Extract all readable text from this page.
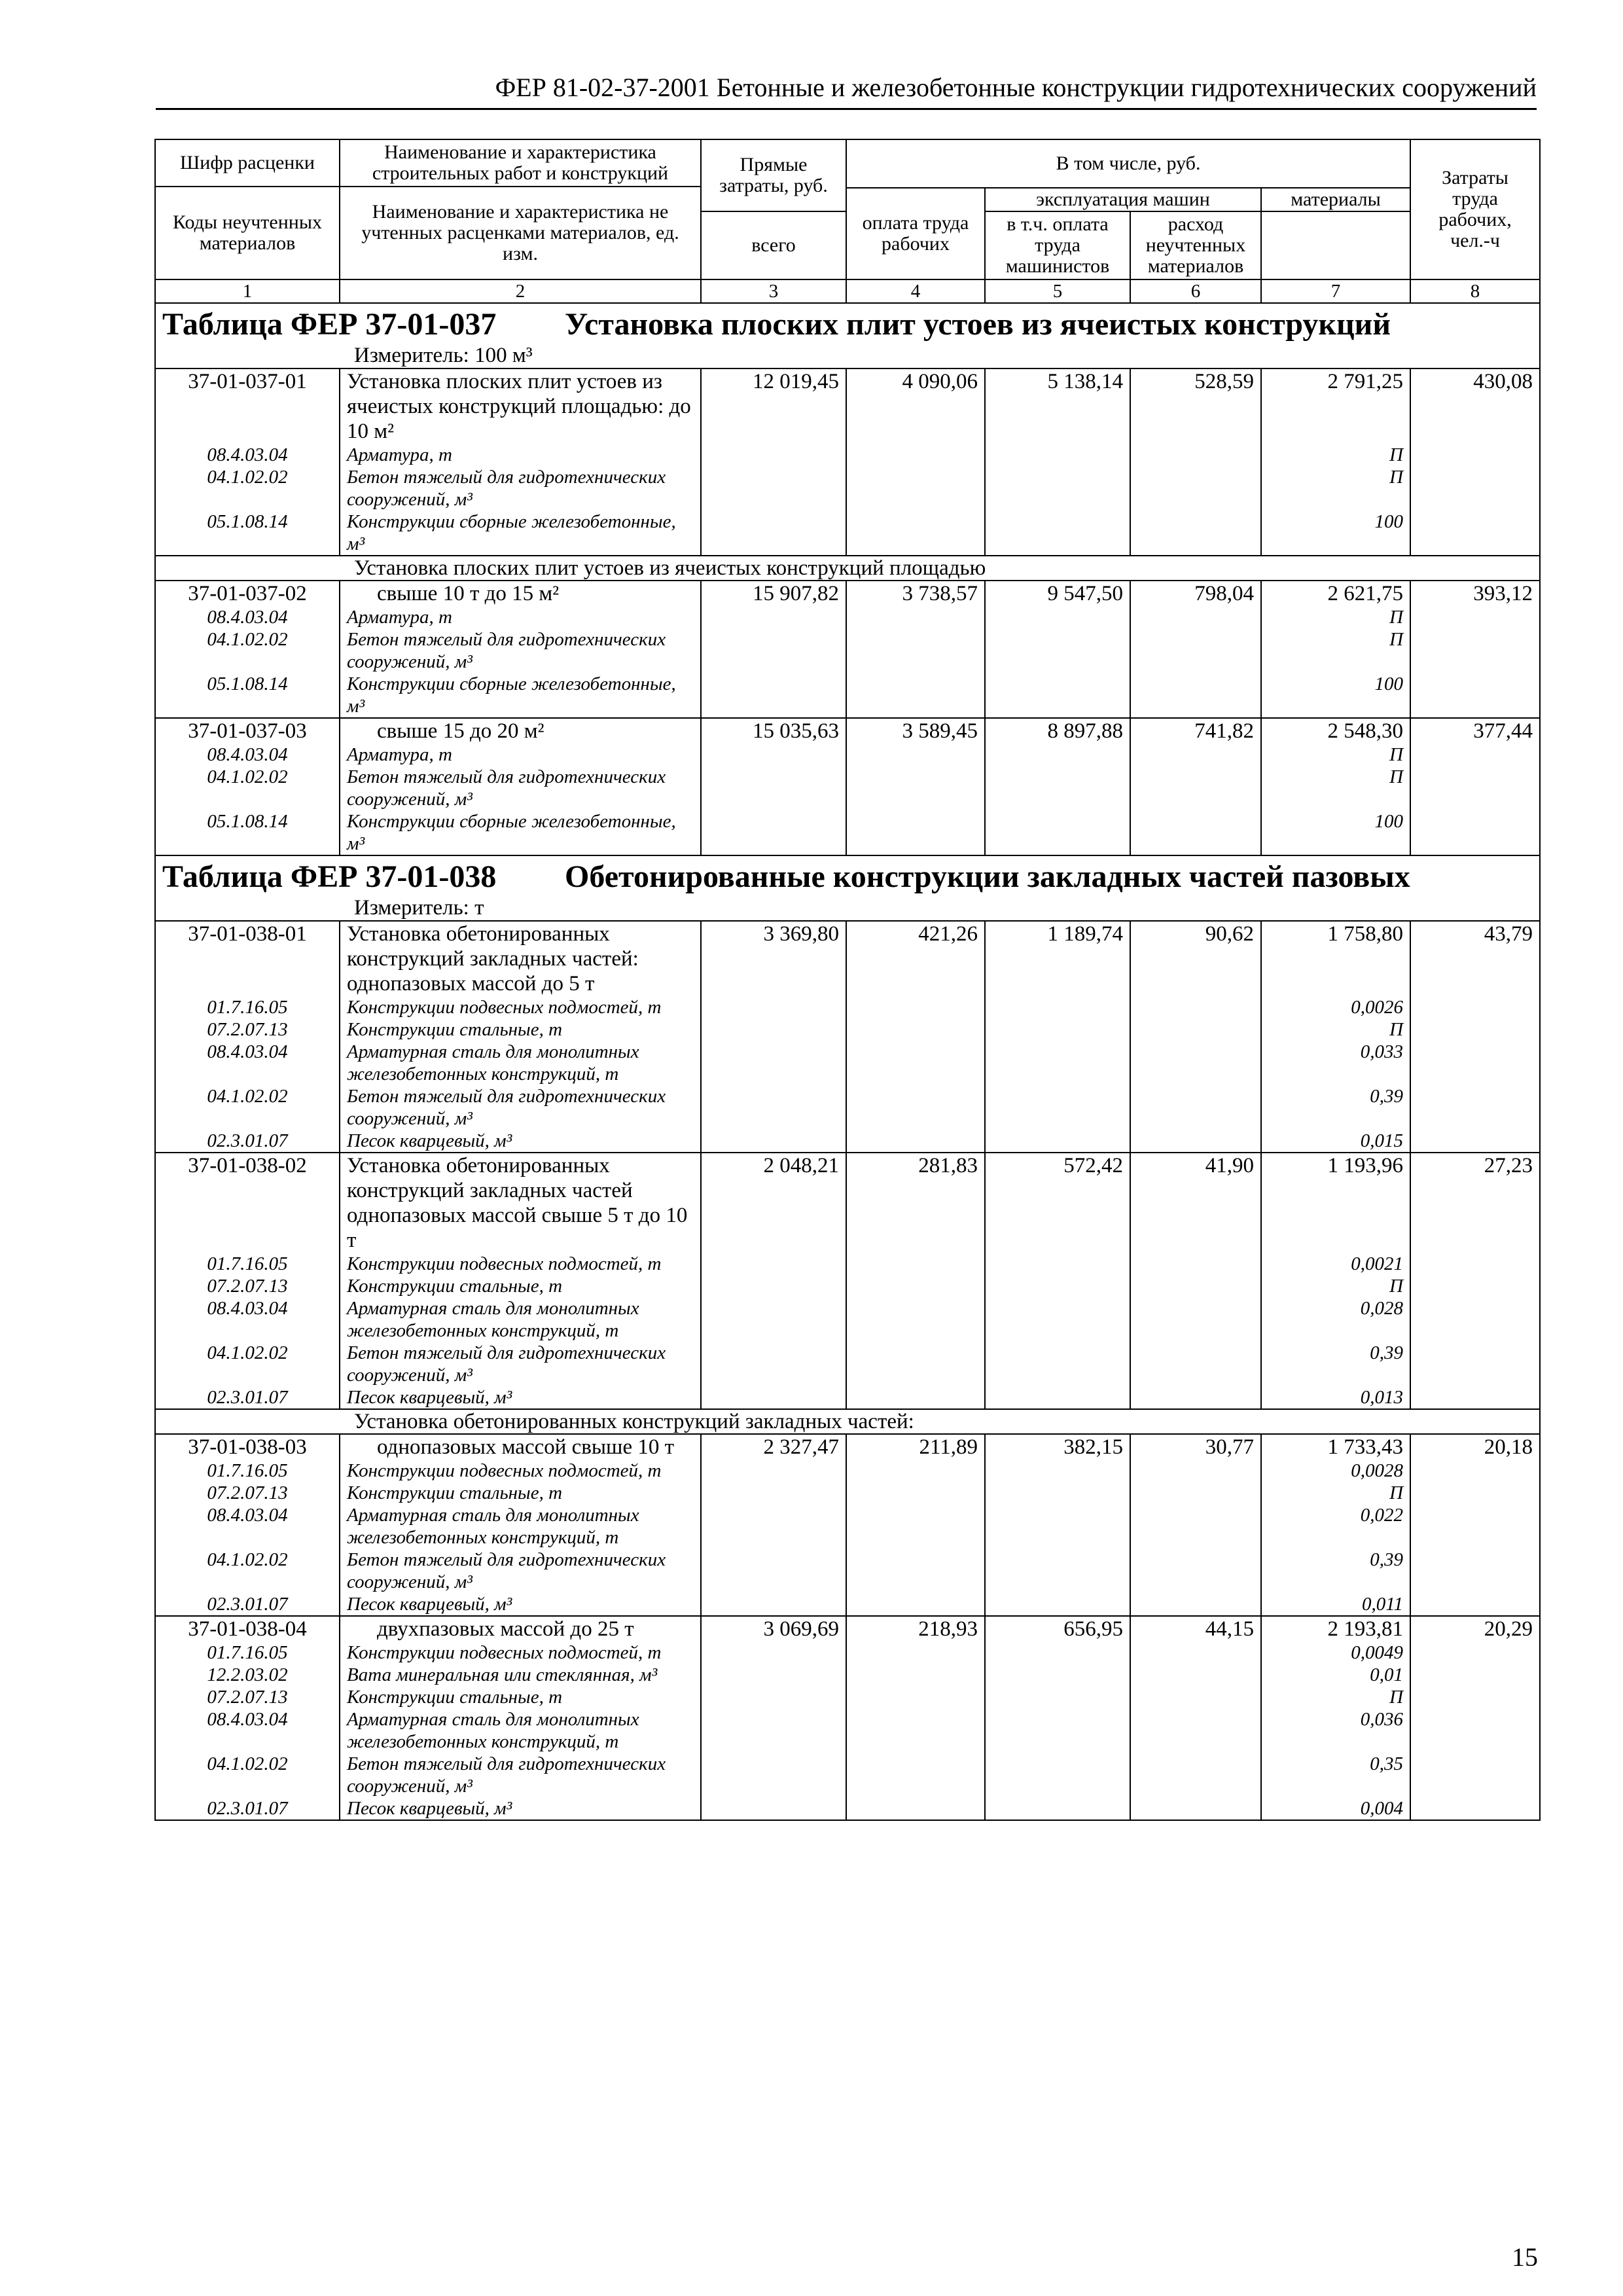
ФЕР 81-02-37-2001 Бетонные и железобетонные конструкции гидротехнических сооружений
Шифр расценки	Наименование и характеристика строительных работ и конструкций	Прямые затраты, руб.	В том числе, руб.				Затраты труда рабочих, чел.-ч
Коды неучтенных материалов	Наименование и характеристика не учтенных расценками материалов, ед. изм.						
			оплата труда рабочих	эксплуатация машин		материалы	
		всего		в т.ч. оплата труда машинистов	расход неучтенных материалов		
1	2	3	4	5	6	7	8

Таблица ФЕР 37-01-037 Установка плоских плит устоев из ячеистых конструкций
Измеритель: 100 м³							

37-01-037-01	Установка плоских плит устоев из ячеистых конструкций площадью: до 10 м²	12 019,45	4 090,06	5 138,14	528,59	2 791,25	430,08
08.4.03.04	Арматура, т					П	
04.1.02.02	Бетон тяжелый для гидротехнических сооружений, м³					П	
05.1.08.14	Конструкции сборные железобетонные, м³					100	

Установка плоских плит устоев из ячеистых конструкций площадью							

37-01-037-02	свыше 10 т до 15 м²	15 907,82	3 738,57	9 547,50	798,04	2 621,75	393,12
08.4.03.04	Арматура, т					П	
04.1.02.02	Бетон тяжелый для гидротехнических сооружений, м³					П	
05.1.08.14	Конструкции сборные железобетонные, м³					100	
37-01-037-03	свыше 15 до 20 м²	15 035,63	3 589,45	8 897,88	741,82	2 548,30	377,44
08.4.03.04	Арматура, т					П	
04.1.02.02	Бетон тяжелый для гидротехнических сооружений, м³					П	
05.1.08.14	Конструкции сборные железобетонные, м³					100	

Таблица ФЕР 37-01-038 Обетонированные конструкции закладных частей пазовых
Измеритель: т							

37-01-038-01	Установка обетонированных конструкций закладных частей: однопазовых массой до 5 т	3 369,80	421,26	1 189,74	90,62	1 758,80	43,79
01.7.16.05	Конструкции подвесных подмостей, т					0,0026	
07.2.07.13	Конструкции стальные, т					П	
08.4.03.04	Арматурная сталь для монолитных железобетонных конструкций, т					0,033	
04.1.02.02	Бетон тяжелый для гидротехнических сооружений, м³					0,39	
02.3.01.07	Песок кварцевый, м³					0,015	
37-01-038-02	Установка обетонированных конструкций закладных частей однопазовых массой свыше 5 т до 10 т	2 048,21	281,83	572,42	41,90	1 193,96	27,23
01.7.16.05	Конструкции подвесных подмостей, т					0,0021	
07.2.07.13	Конструкции стальные, т					П	
08.4.03.04	Арматурная сталь для монолитных железобетонных конструкций, т					0,028	
04.1.02.02	Бетон тяжелый для гидротехнических сооружений, м³					0,39	
02.3.01.07	Песок кварцевый, м³					0,013	

Установка обетонированных конструкций закладных частей:							

37-01-038-03	однопазовых массой свыше 10 т	2 327,47	211,89	382,15	30,77	1 733,43	20,18
01.7.16.05	Конструкции подвесных подмостей, т					0,0028	
07.2.07.13	Конструкции стальные, т					П	
08.4.03.04	Арматурная сталь для монолитных железобетонных конструкций, т					0,022	
04.1.02.02	Бетон тяжелый для гидротехнических сооружений, м³					0,39	
02.3.01.07	Песок кварцевый, м³					0,011	
37-01-038-04	двухпазовых массой до 25 т	3 069,69	218,93	656,95	44,15	2 193,81	20,29
01.7.16.05	Конструкции подвесных подмостей, т					0,0049	
12.2.03.02	Вата минеральная или стеклянная, м³					0,01	
07.2.07.13	Конструкции стальные, т					П	
08.4.03.04	Арматурная сталь для монолитных железобетонных конструкций, т					0,036	
04.1.02.02	Бетон тяжелый для гидротехнических сооружений, м³					0,35	
02.3.01.07	Песок кварцевый, м³					0,004	
15
